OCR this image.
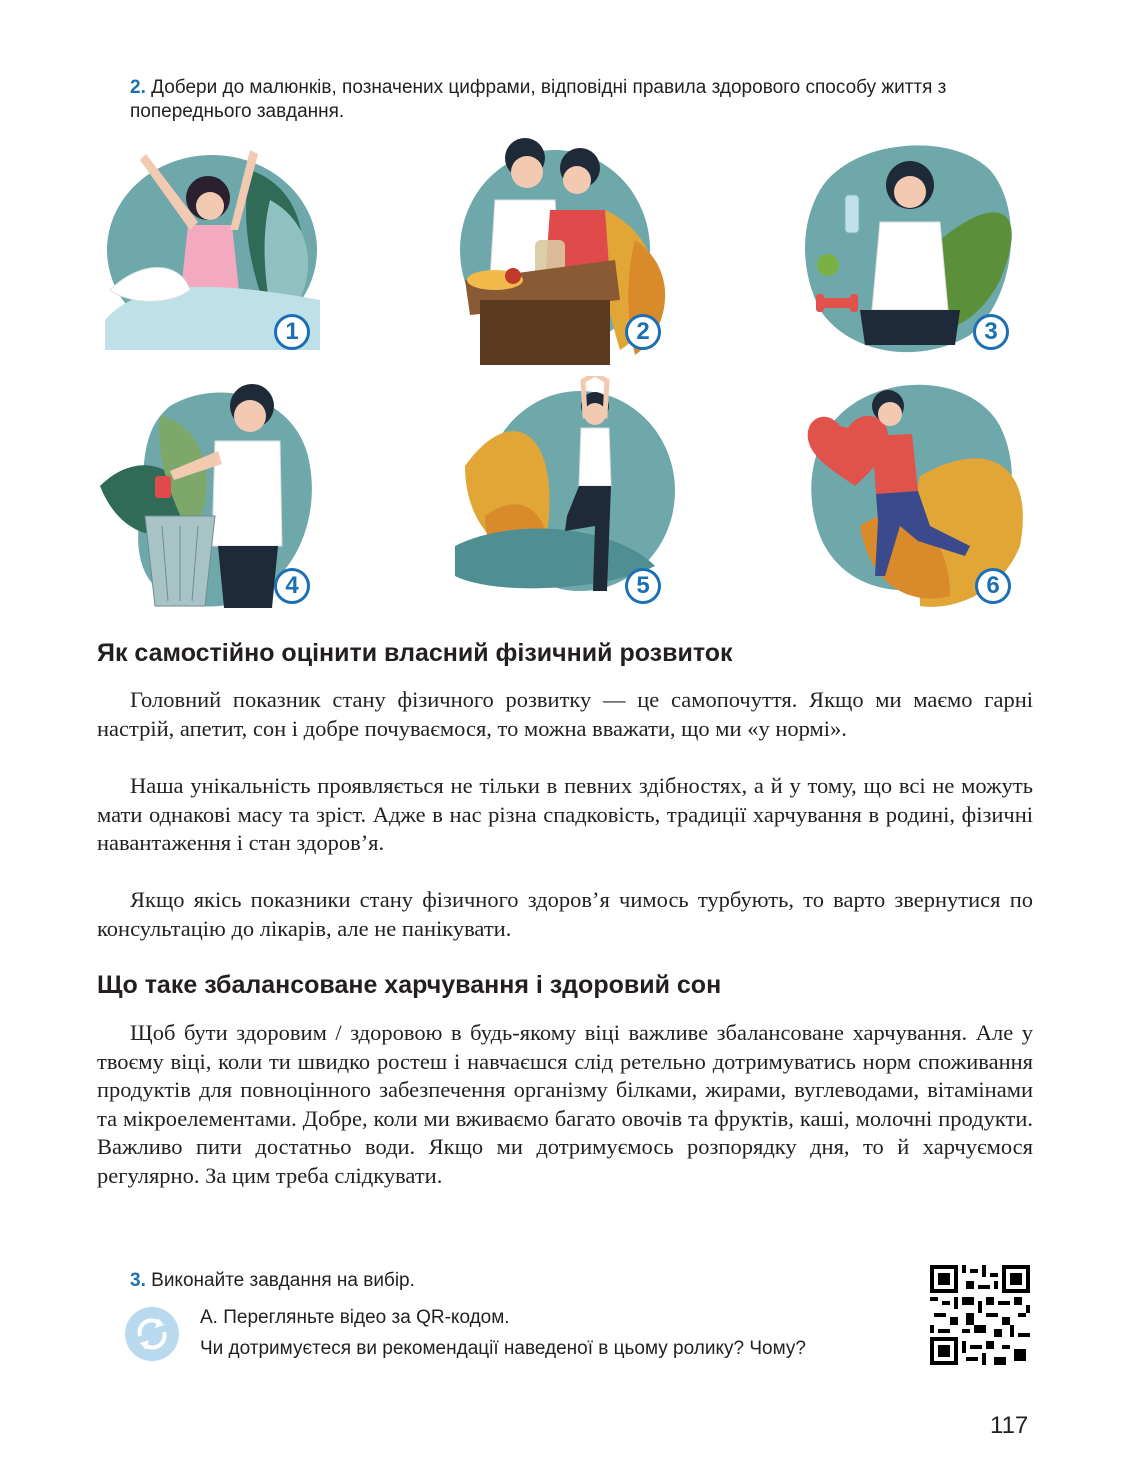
2. Добери до малюнків, позначених цифрами, відповідні правила здорового способу життя з попереднього завдання.
1	2	3
4	5	6
Як самостійно оцінити власний фізичний розвиток

Головний показник стану фізичного розвитку — це самопочуття. Якщо ми маємо гарні настрій, апетит, сон і добре почуваємося, то можна вважати, що ми «у нормі».

Наша унікальність проявляється не тільки в певних здібностях, а й у тому, що всі не можуть мати однакові масу та зріст. Адже в нас різна спадковість, традиції харчування в родині, фізичні навантаження і стан здоров’я.

Якщо якісь показники стану фізичного здоров’я чимось турбують, то варто звернутися по консультацію до лікарів, але не панікувати.

Що таке збалансоване харчування і здоровий сон

Щоб бути здоровим / здоровою в будь-якому віці важливе збалансоване харчування. Але у твоєму віці, коли ти швидко ростеш і навчаєшся слід ретельно дотримуватись норм споживання продуктів для повноцінного забезпечення організму білками, жирами, вуглеводами, вітамінами та мікроелементами. Добре, коли ми вживаємо багато овочів та фруктів, каші, молочні продукти. Важливо пити достатньо води. Якщо ми дотримуємось розпорядку дня, то й харчуємося регулярно. За цим треба слідкувати.

3. Виконайте завдання на вибір.
А. Перегляньте відео за QR-кодом.
Чи дотримуєтеся ви рекомендації наведеної в цьому ролику? Чому?
117
